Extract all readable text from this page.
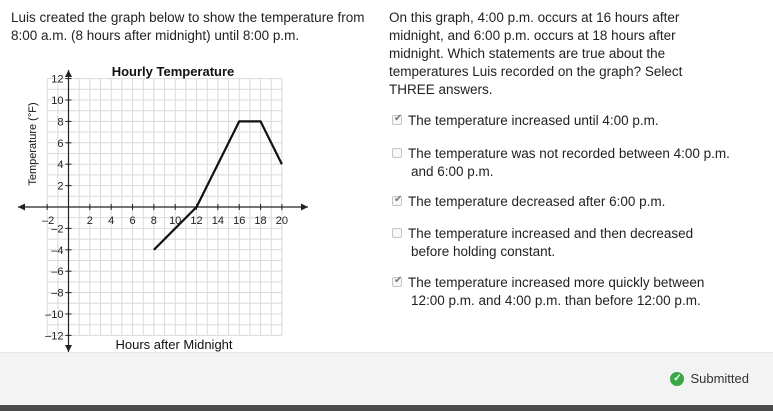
Luis created the graph below to show the temperature from 8:00 a.m. (8 hours after midnight) until 8:00 p.m.
On this graph, 4:00 p.m. occurs at 16 hours after midnight, and 6:00 p.m. occurs at 18 hours after midnight. Which statements are true about the temperatures Luis recorded on the graph? Select THREE answers.
2 4 6 8 10 12 14 16 18 20
–2
12
10
8
6
4
2
–2
–4
–6
–8
–10
–12
Hourly Temperature
Hours after Midnight
Temperature (°F)	✔ The temperature increased until 4:00 p.m.
The temperature was not recorded between 4:00 p.m.
and 6:00 p.m.
✔ The temperature decreased after 6:00 p.m.
The temperature increased and then decreased
before holding constant.
✔ The temperature increased more quickly between
12:00 p.m. and 4:00 p.m. than before 12:00 p.m.
✓ Submitted
